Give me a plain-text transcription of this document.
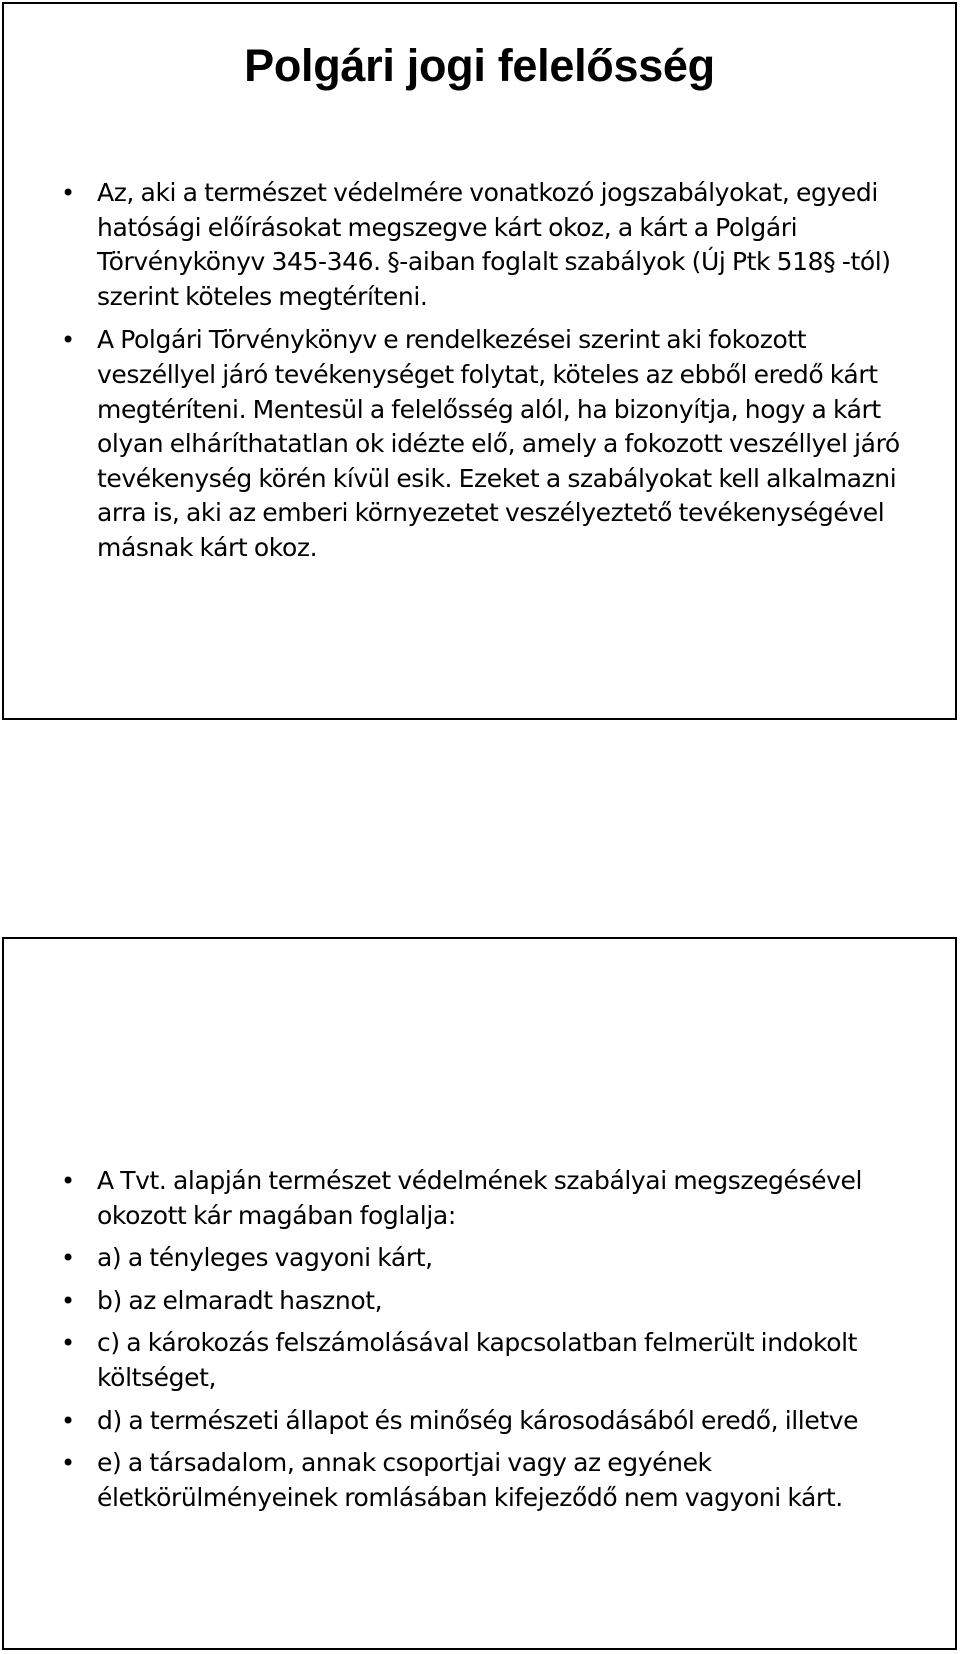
Polgári jogi felelősség
• Az, aki a természet védelmére vonatkozó jogszabályokat, egyedi hatósági előírásokat megszegve kárt okoz, a kárt a Polgári Törvénykönyv 345-346. §-aiban foglalt szabályok (Új Ptk 518§ -tól) szerint köteles megtéríteni.
• A Polgári Törvénykönyv e rendelkezései szerint aki fokozott veszéllyel járó tevékenységet folytat, köteles az ebből eredő kárt megtéríteni. Mentesül a felelősség alól, ha bizonyítja, hogy a kárt olyan elháríthatatlan ok idézte elő, amely a fokozott veszéllyel járó tevékenység körén kívül esik. Ezeket a szabályokat kell alkalmazni arra is, aki az emberi környezetet veszélyeztető tevékenységével másnak kárt okoz.
• A Tvt. alapján természet védelmének szabályai megszegésével okozott kár magában foglalja:
• a) a tényleges vagyoni kárt,
• b) az elmaradt hasznot,
• c) a károkozás felszámolásával kapcsolatban felmerült indokolt költséget,
• d) a természeti állapot és minőség károsodásából eredő, illetve
• e) a társadalom, annak csoportjai vagy az egyének életkörülményeinek romlásában kifejeződő nem vagyoni kárt.
